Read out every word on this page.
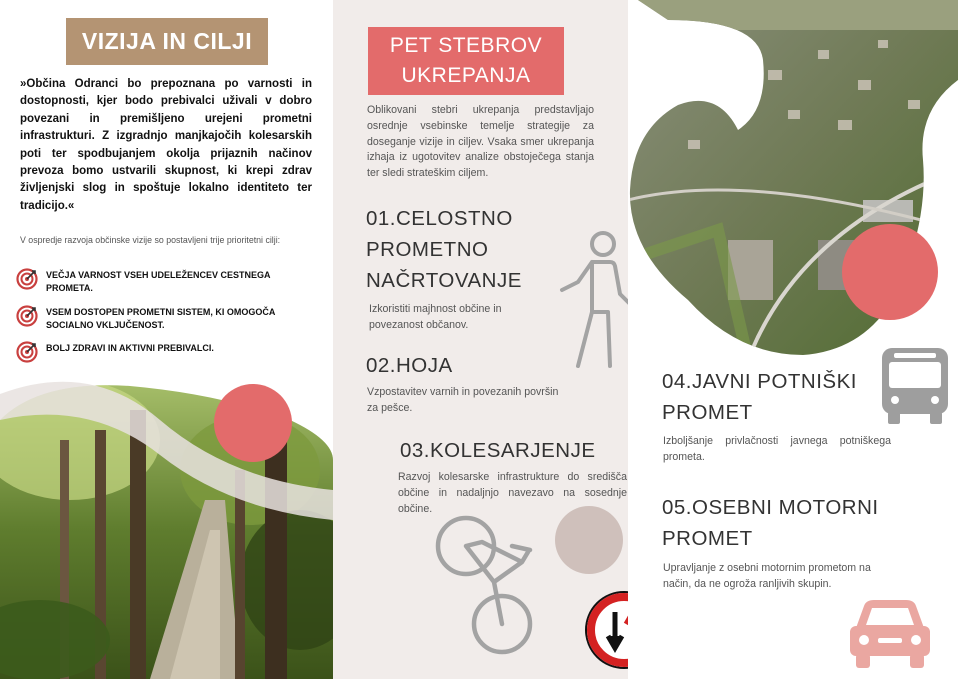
VIZIJA IN CILJI

»Občina Odranci bo prepoznana po varnosti in dostopnosti, kjer bodo prebivalci uživali v dobro povezani in premišljeno urejeni prometni infrastrukturi. Z izgradnjo manjkajočih kolesarskih poti ter spodbujanjem okolja prijaznih načinov prevoza bomo ustvarili skupnost, ki krepi zdrav življenjski slog in spoštuje lokalno identiteto ter tradicijo.«

V ospredje razvoja občinske vizije so postavljeni trije prioritetni cilji:

VEČJA VARNOST VSEH UDELEŽENCEV CESTNEGA PROMETA.
VSEM DOSTOPEN PROMETNI SISTEM, KI OMOGOČA SOCIALNO VKLJUČENOST.
BOLJ ZDRAVI IN AKTIVNI PREBIVALCI.
PET STEBROV
UKREPANJA

Oblikovani stebri ukrepanja predstavljajo osrednje vsebinske temelje strategije za doseganje vizije in ciljev. Vsaka smer ukrepanja izhaja iz ugotovitev analize obstoječega stanja ter sledi strateškim ciljem.

01.CELOSTNO
PROMETNO
NAČRTOVANJE

Izkoristiti majhnost občine in povezanost občanov.

02.HOJA

Vzpostavitev varnih in povezanih površin za pešce.

03.KOLESARJENJE

Razvoj kolesarske infrastrukture do središča občine in nadaljnjo navezavo na sosednje občine.

04.JAVNI POTNIŠKI
PROMET

Izboljšanje privlačnosti javnega potniškega prometa.

05.OSEBNI MOTORNI
PROMET

Upravljanje z osebni motornim prometom na način, da ne ogroža ranljivih skupin.
